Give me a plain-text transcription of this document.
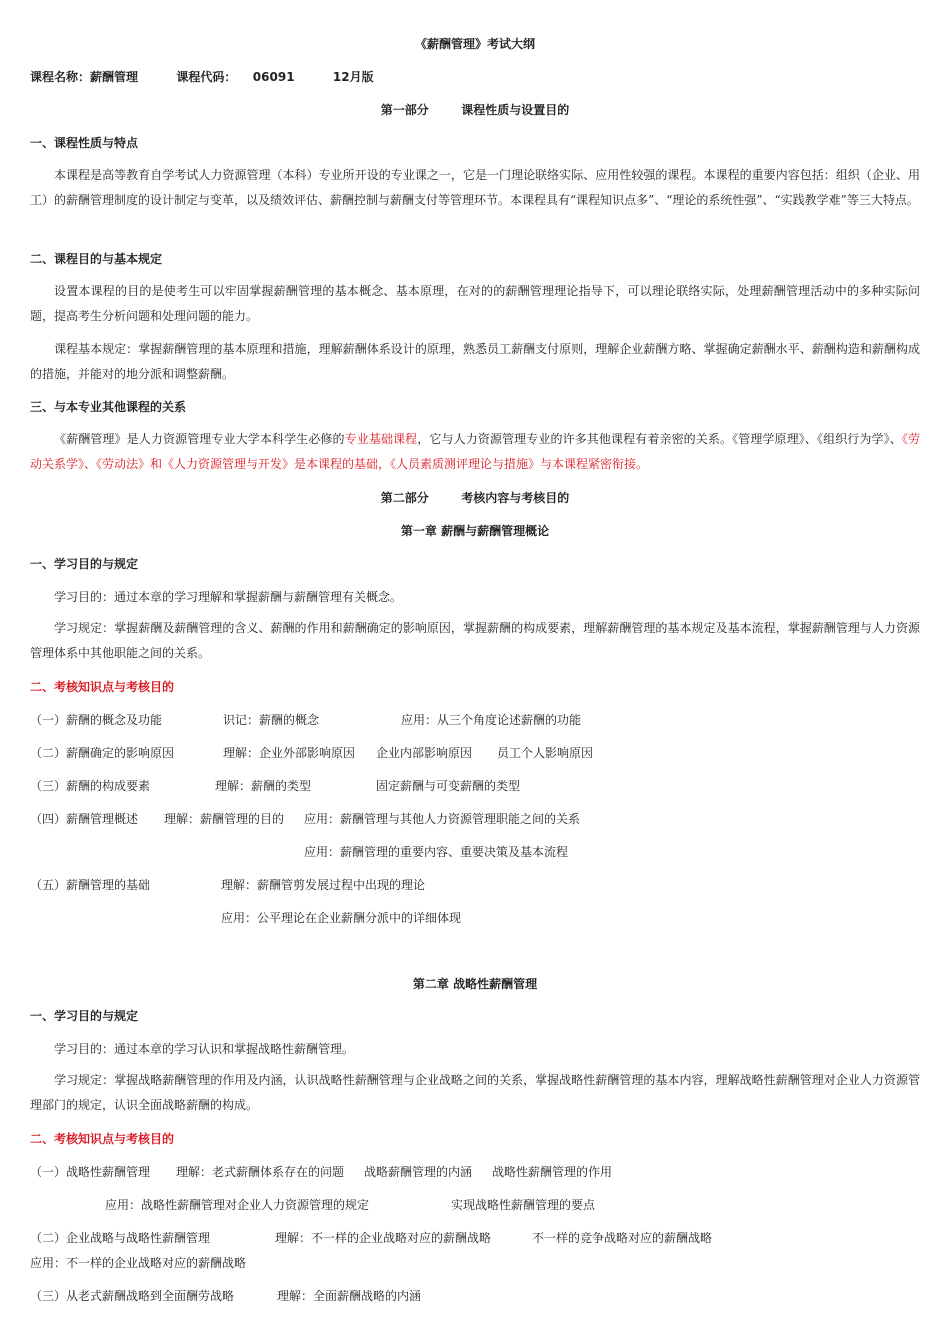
《薪酬管理》考试大纲
课程名称：薪酬管理	课程代码： 06091	12月版
第一部分	课程性质与设置目的
一、课程性质与特点
本课程是高等教育自学考试人力资源管理（本科）专业所开设的专业课之一，它是一门理论联络实际、应用性较强的课程。本课程的重要内容包括：组织（企业、用工）的薪酬管理制度的设计制定与变革，以及绩效评估、薪酬控制与薪酬支付等管理环节。本课程具有“课程知识点多”、“理论的系统性强”、“实践教学难”等三大特点。
二、课程目的与基本规定
设置本课程的目的是使考生可以牢固掌握薪酬管理的基本概念、基本原理，在对的的薪酬管理理论指导下，可以理论联络实际，处理薪酬管理活动中的多种实际问题，提高考生分析问题和处理问题的能力。
课程基本规定：掌握薪酬管理的基本原理和措施，理解薪酬体系设计的原理，熟悉员工薪酬支付原则，理解企业薪酬方略、掌握确定薪酬水平、薪酬构造和薪酬构成的措施，并能对的地分派和调整薪酬。
三、与本专业其他课程的关系
《薪酬管理》是人力资源管理专业大学本科学生必修的专业基础课程，它与人力资源管理专业的许多其他课程有着亲密的关系。《管理学原理》、《组织行为学》、《劳动关系学》、《劳动法》和《人力资源管理与开发》是本课程的基础，《人员素质测评理论与措施》与本课程紧密衔接。
第二部分	考核内容与考核目的
第一章 薪酬与薪酬管理概论
一、学习目的与规定
学习目的：通过本章的学习理解和掌握薪酬与薪酬管理有关概念。
学习规定：掌握薪酬及薪酬管理的含义、薪酬的作用和薪酬确定的影响原因，掌握薪酬的构成要素，理解薪酬管理的基本规定及基本流程，掌握薪酬管理与人力资源管理体系中其他职能之间的关系。
二、考核知识点与考核目的
（一）薪酬的概念及功能	识记：薪酬的概念	应用：从三个角度论述薪酬的功能
（二）薪酬确定的影响原因	理解：企业外部影响原因 企业内部影响原因 员工个人影响原因
（三）薪酬的构成要素	理解：薪酬的类型	固定薪酬与可变薪酬的类型
（四）薪酬管理概述 理解：薪酬管理的目的 应用：薪酬管理与其他人力资源管理职能之间的关系
应用：薪酬管理的重要内容、重要决策及基本流程
（五）薪酬管理的基础	理解：薪酬管剪发展过程中出现的理论
应用：公平理论在企业薪酬分派中的详细体现
第二章 战略性薪酬管理
一、学习目的与规定
学习目的：通过本章的学习认识和掌握战略性薪酬管理。
学习规定：掌握战略薪酬管理的作用及内涵，认识战略性薪酬管理与企业战略之间的关系，掌握战略性薪酬管理的基本内容，理解战略性薪酬管理对企业人力资源管理部门的规定，认识全面战略薪酬的构成。
二、考核知识点与考核目的
（一）战略性薪酬管理 理解：老式薪酬体系存在的问题 战略薪酬管理的内涵 战略性薪酬管理的作用
应用：战略性薪酬管理对企业人力资源管理的规定	实现战略性薪酬管理的要点
（二）企业战略与战略性薪酬管理	理解：不一样的企业战略对应的薪酬战略	不一样的竞争战略对应的薪酬战略
应用：不一样的企业战略对应的薪酬战略
（三）从老式薪酬战略到全面酬劳战略	理解：全面薪酬战略的内涵
